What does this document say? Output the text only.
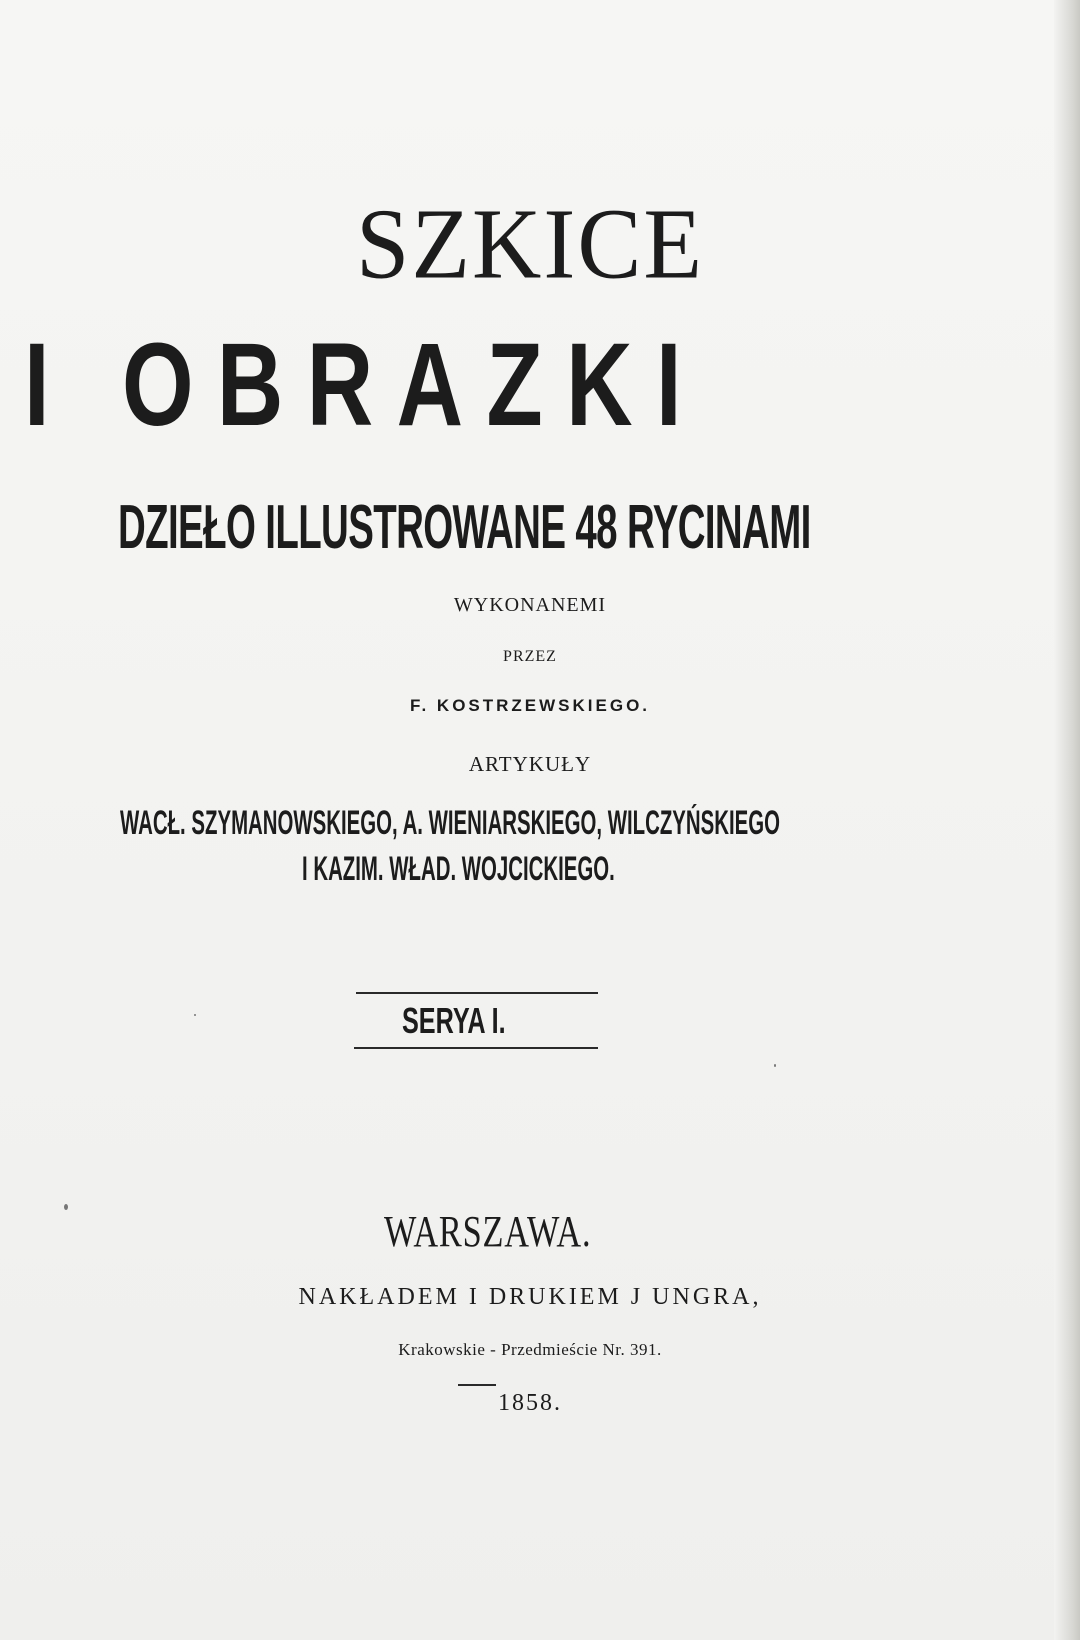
SZKICE
I OBRAZKI
DZIEŁO ILLUSTROWANE 48 RYCINAMI
WYKONANEMI
PRZEZ
F. KOSTRZEWSKIEGO.
ARTYKUŁY
WACŁ. SZYMANOWSKIEGO, A. WIENIARSKIEGO, WILCZYŃSKIEGO
I KAZIM. WŁAD. WOJCICKIEGO.
SERYA I.
WARSZAWA.
NAKŁADEM I DRUKIEM J UNGRA,
Krakowskie - Przedmieście Nr. 391.
1858.
